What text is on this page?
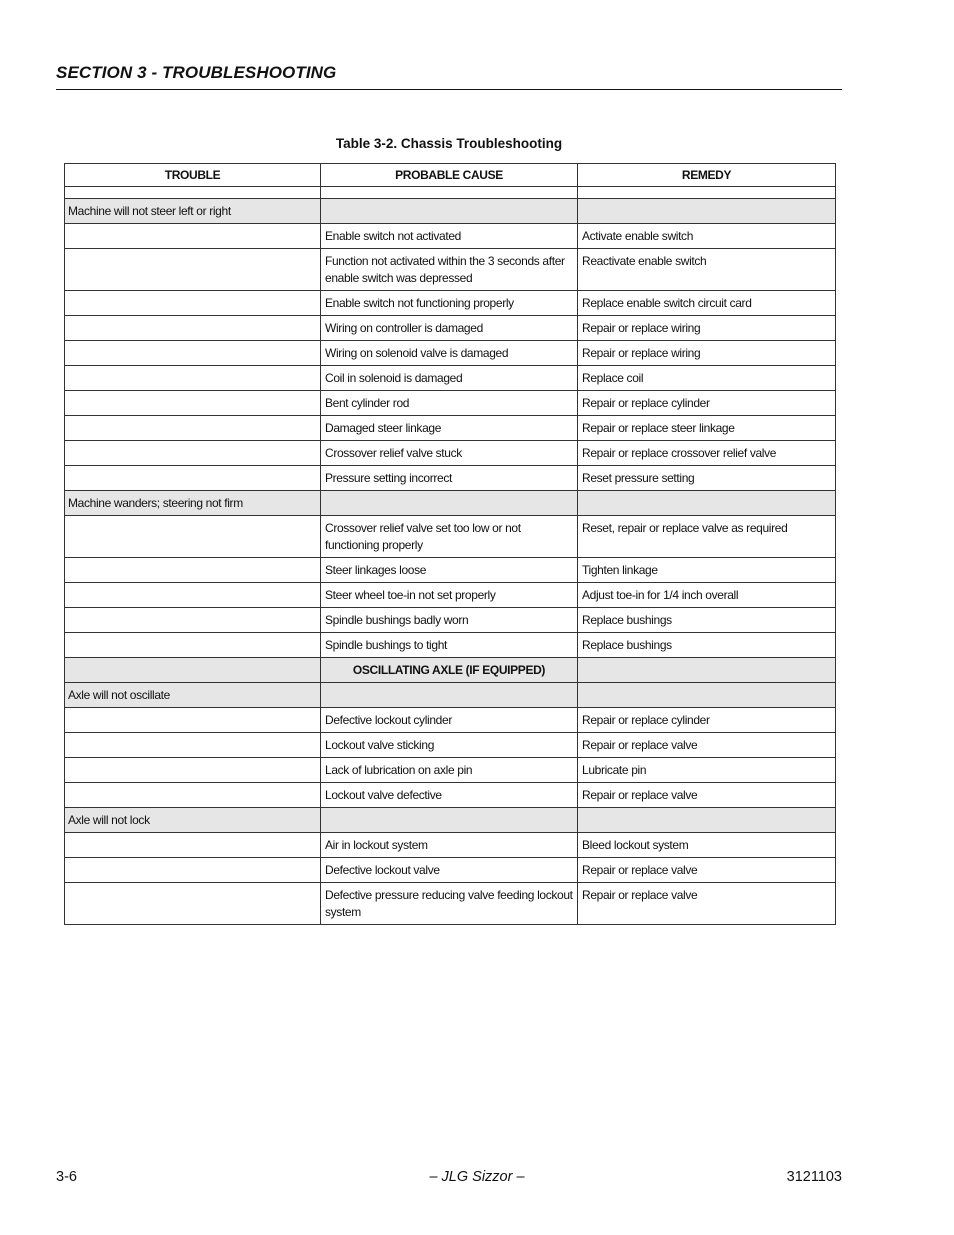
SECTION 3 - TROUBLESHOOTING
Table 3-2. Chassis Troubleshooting
TROUBLE	PROBABLE CAUSE	REMEDY

Machine will not steer left or right		
	Enable switch not activated	Activate enable switch
	Function not activated within the 3 seconds after enable switch was depressed	Reactivate enable switch
	Enable switch not functioning properly	Replace enable switch circuit card
	Wiring on controller is damaged	Repair or replace wiring
	Wiring on solenoid valve is damaged	Repair or replace wiring
	Coil in solenoid is damaged	Replace coil
	Bent cylinder rod	Repair or replace cylinder
	Damaged steer linkage	Repair or replace steer linkage
	Crossover relief valve stuck	Repair or replace crossover relief valve
	Pressure setting incorrect	Reset pressure setting
Machine wanders; steering not firm		
	Crossover relief valve set too low or not functioning properly	Reset, repair or replace valve as required
	Steer linkages loose	Tighten linkage
	Steer wheel toe-in not set properly	Adjust toe-in for 1/4 inch overall
	Spindle bushings badly worn	Replace bushings
	Spindle bushings to tight	Replace bushings
	OSCILLATING AXLE (IF EQUIPPED)	
Axle will not oscillate		
	Defective lockout cylinder	Repair or replace cylinder
	Lockout valve sticking	Repair or replace valve
	Lack of lubrication on axle pin	Lubricate pin
	Lockout valve defective	Repair or replace valve
Axle will not lock		
	Air in lockout system	Bleed lockout system
	Defective lockout valve	Repair or replace valve
	Defective pressure reducing valve feeding lockout system	Repair or replace valve
3-6	– JLG Sizzor –	3121103
